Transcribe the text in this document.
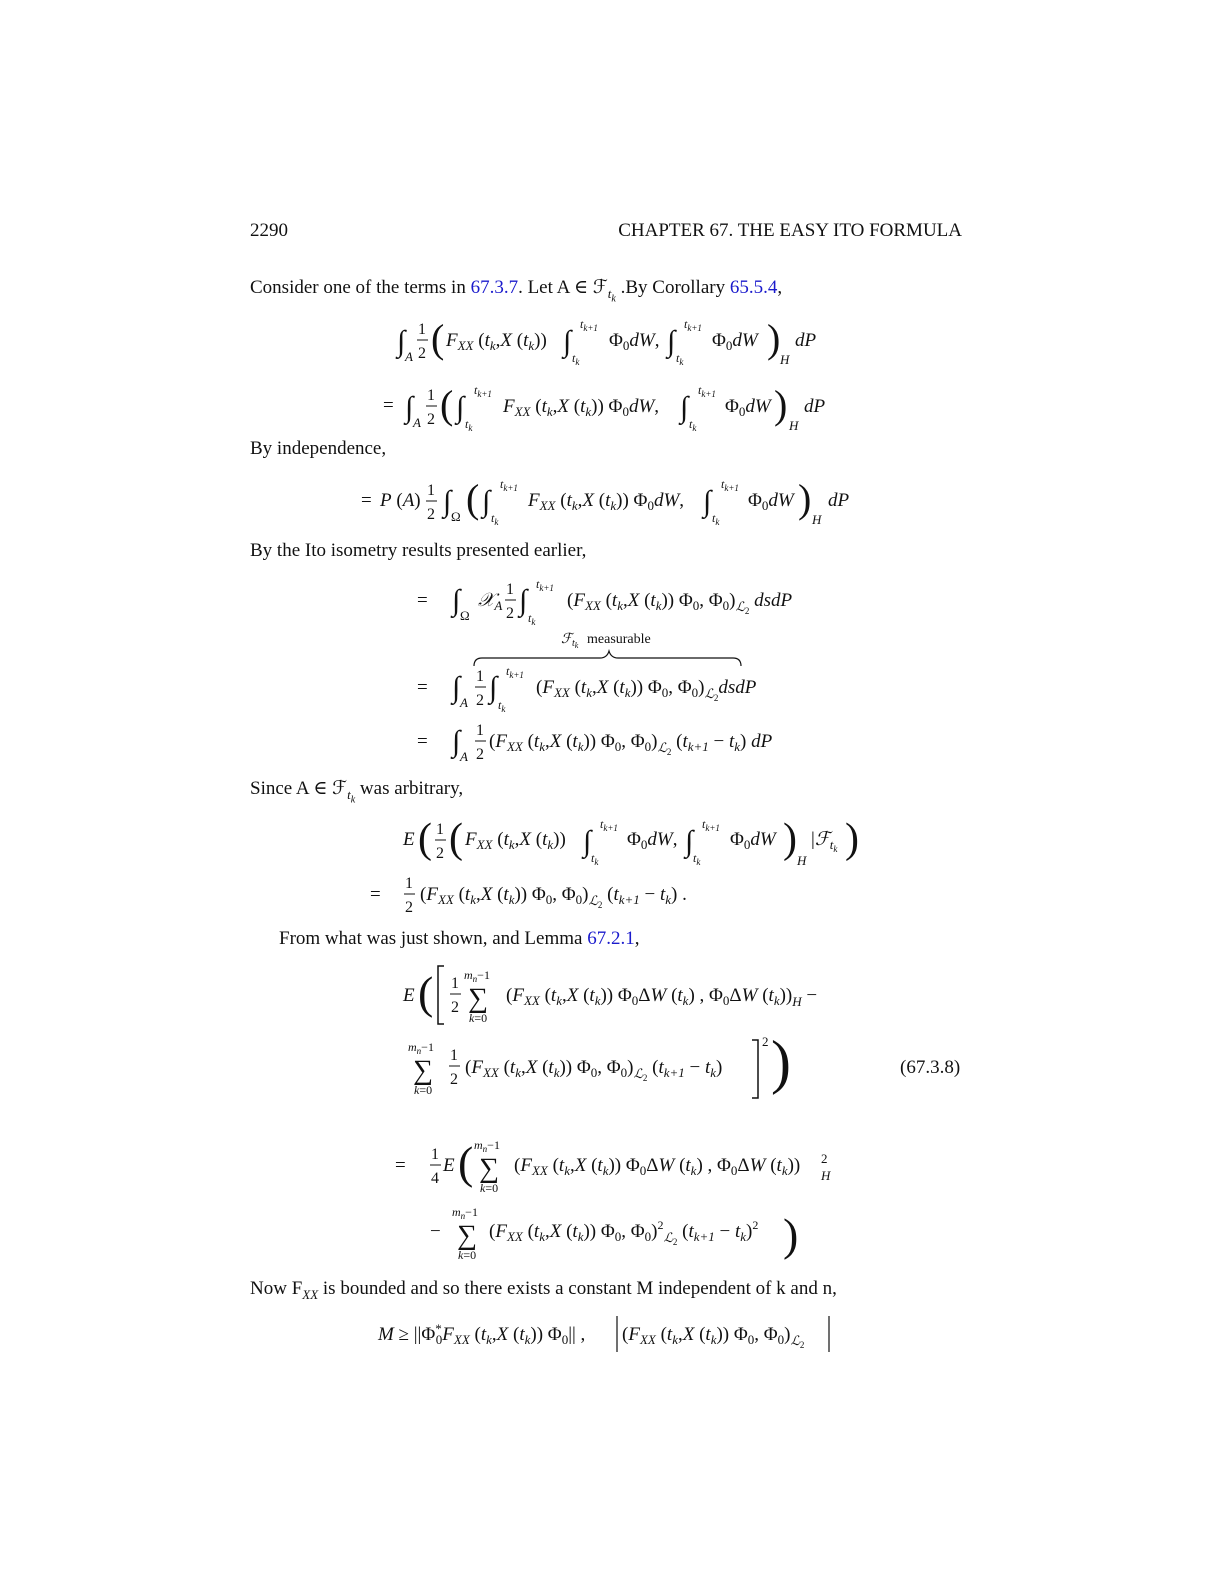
2290	CHAPTER 67. THE EASY ITO FORMULA
Consider one of the terms in 67.3.7. Let A ∈ ℱ$_{t_k}$ .By Corollary 65.5.4,
By independence,
By the Ito isometry results presented earlier,
Since A ∈ ℱ$_{t_k}$ was arbitrary,
From what was just shown, and Lemma 67.2.1,
Now $F_{XX}$ is bounded and so there exists a constant M independent of k and n,
(67.3.8)
∫ A
1
2 ( $F_{XX}$ ($t_k,X$ $(t_k)$) ∫
$t_{k+1}$
$t_k$
$\Phi_0dW$, ∫
$t_{k+1}$
$t_k$
$\Phi_0dW$ ) H
dP
= ∫ A
1
2 ( ∫
$t_{k+1}$
$t_k$
$F_{XX}$ ($t_k,X$ $(t_k)$) $\Phi_0dW$, ∫
$t_{k+1}$
$t_k$
$\Phi_0dW$ ) H
dP
= P (A) 1
2 ∫ Ω ( ∫
$t_{k+1}$
$t_k$
$F_{XX}$ ($t_k,X$ $(t_k)$) $\Phi_0dW$, ∫
$t_{k+1}$
$t_k$
$\Phi_0dW$ ) H
dP
= ∫ Ω
𝒳$_A$
1
2 ∫ $t_{k+1}$
$t_k$
($F_{XX}$ ($t_k,X$ $(t_k)$) $\Phi_0$, $\Phi_0)_ℒ2$ dsdP
ℱ$_t$k measurable
= ∫ A
1
2 ∫ $t_{k+1}$
$t_k$
($F_{XX}$ ($t_k,X$ $(t_k)$) $\Phi_0$, $\Phi_0)_ℒ2dsdP$
= ∫ A
1
2
($F_{XX}$ ($t_k,X$ $(t_k)$) $\Phi_0$, $\Phi_0)_ℒ2$ $(t_{k+1} - t_k)$ dP
E ( 1
2 ( $F_{XX}$ ($t_k,X$ $(t_k)$) ∫
$t_{k+1}$
$t_k$
$\Phi_0dW$, ∫
$t_{k+1}$
$t_k$
$\Phi_0dW$ ) H
|ℱ$_t$k )
=
1
2
($F_{XX}$ ($t_k,X$ $(t_k)$) $\Phi_0$, $\Phi_0)_ℒ2$ $(t_{k+1} - t_k)$ .
E ( 1
2
$m_n-1$
∑
k=0
($F_{XX}$ ($t_k,X$ $(t_k)$) $\Phi_0\Delta W$ $(t_k)$ , $\Phi_0\Delta W$ $(t_k))_H$ −
$m_n-1$
∑
k=0
1
2
($F_{XX}$ ($t_k,X$ $(t_k)$) $\Phi_0$, $\Phi_0)_ℒ2$ $(t_{k+1} - t_k)$
2 )
=
1
4
E ( $m_n-1$
∑
k=0
($F_{XX}$ ($t_k,X$ $(t_k)$) $\Phi_0\Delta W$ $(t_k)$ , $\Phi_0\Delta W$ $(t_k)$) 2
H
−
$m_n-1$
∑
k=0
($F_{XX}$ ($t_k,X$ $(t_k)$) $\Phi_0$, $\Phi_0)^2_ℒ2$ $(t_{k+1} - t_k)^2$ )
M ≥ ||Φ* $0F_{XX}$ ($t_k,X$ $(t_k)$) $\Phi_0||$ , ($F_{XX}$ ($t_k,X$ $(t_k)$) $\Phi_0$, $\Phi_0)_ℒ2$
